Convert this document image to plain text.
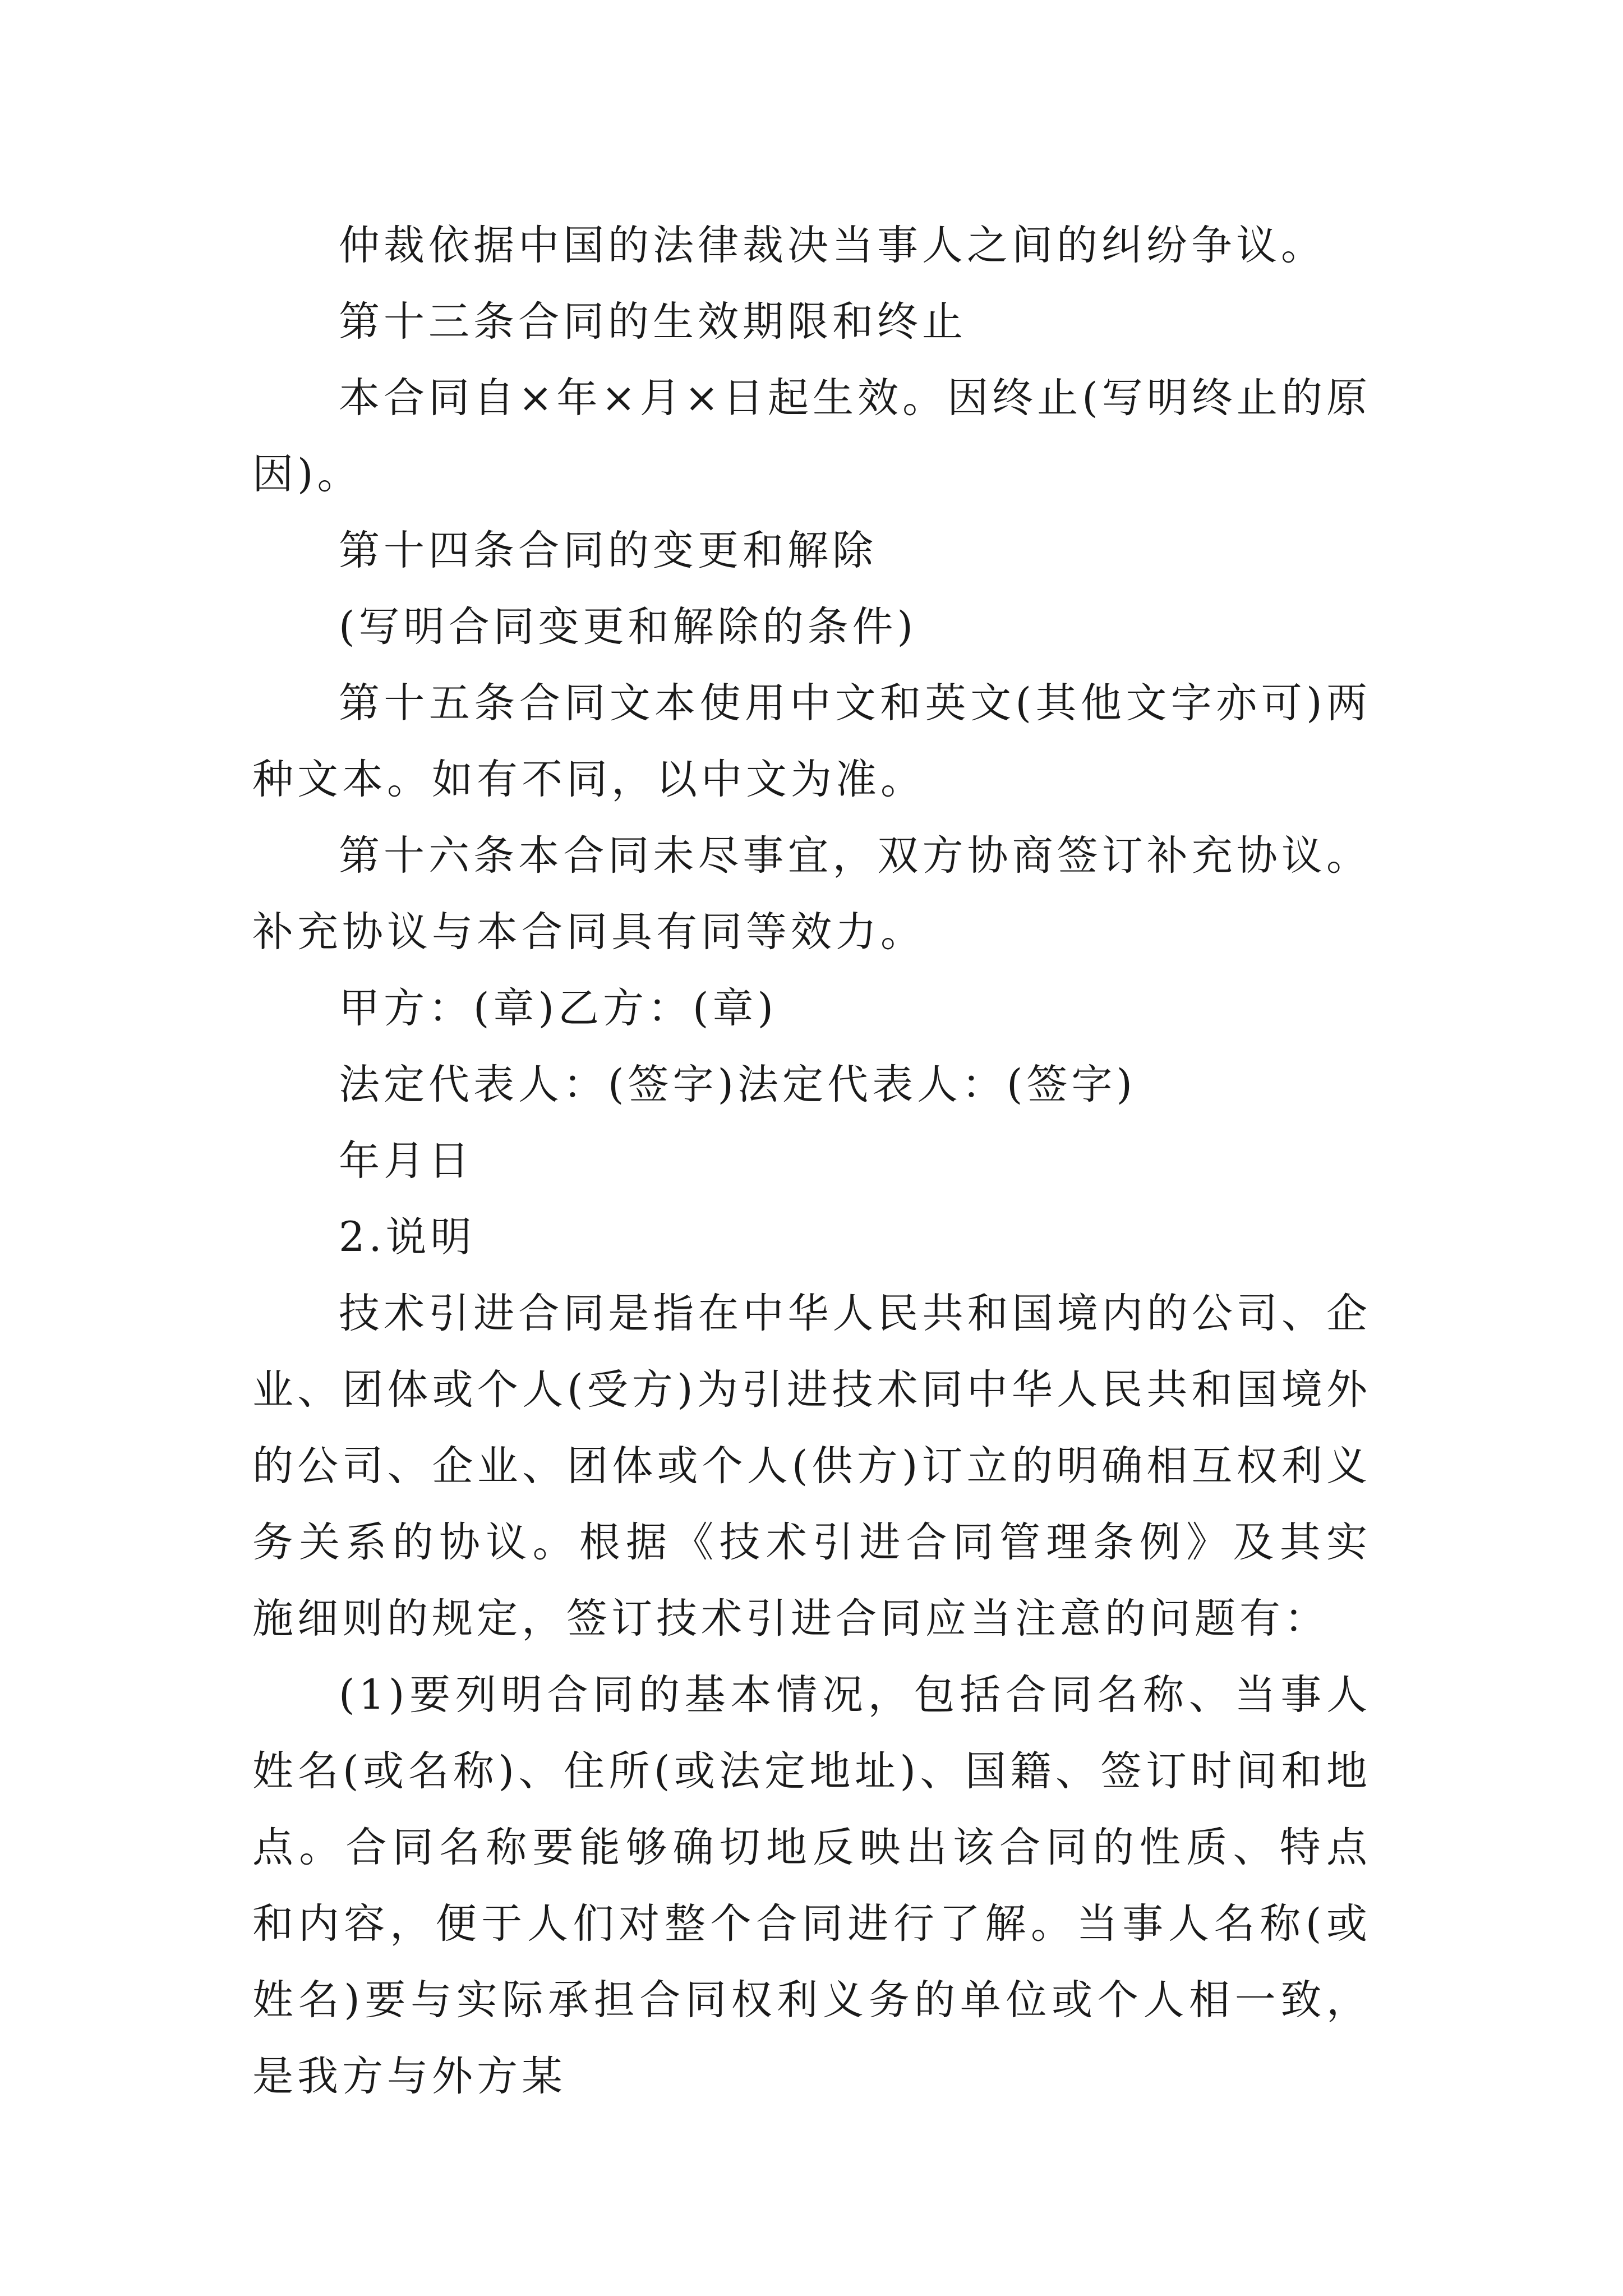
仲裁依据中国的法律裁决当事人之间的纠纷争议。

第十三条合同的生效期限和终止

本合同自×年×月×日起生效。因终止(写明终止的原因)。

第十四条合同的变更和解除

(写明合同变更和解除的条件)

第十五条合同文本使用中文和英文(其他文字亦可)两种文本。如有不同，以中文为准。

第十六条本合同未尽事宜，双方协商签订补充协议。补充协议与本合同具有同等效力。

甲方：(章)乙方：(章)

法定代表人：(签字)法定代表人：(签字)

年月日

2.说明

技术引进合同是指在中华人民共和国境内的公司、企业、团体或个人(受方)为引进技术同中华人民共和国境外的公司、企业、团体或个人(供方)订立的明确相互权利义务关系的协议。根据《技术引进合同管理条例》及其实施细则的规定，签订技术引进合同应当注意的问题有：

(1)要列明合同的基本情况，包括合同名称、当事人姓名(或名称)、住所(或法定地址)、国籍、签订时间和地点。合同名称要能够确切地反映出该合同的性质、特点和内容，便于人们对整个合同进行了解。当事人名称(或姓名)要与实际承担合同权利义务的单位或个人相一致，是我方与外方某
